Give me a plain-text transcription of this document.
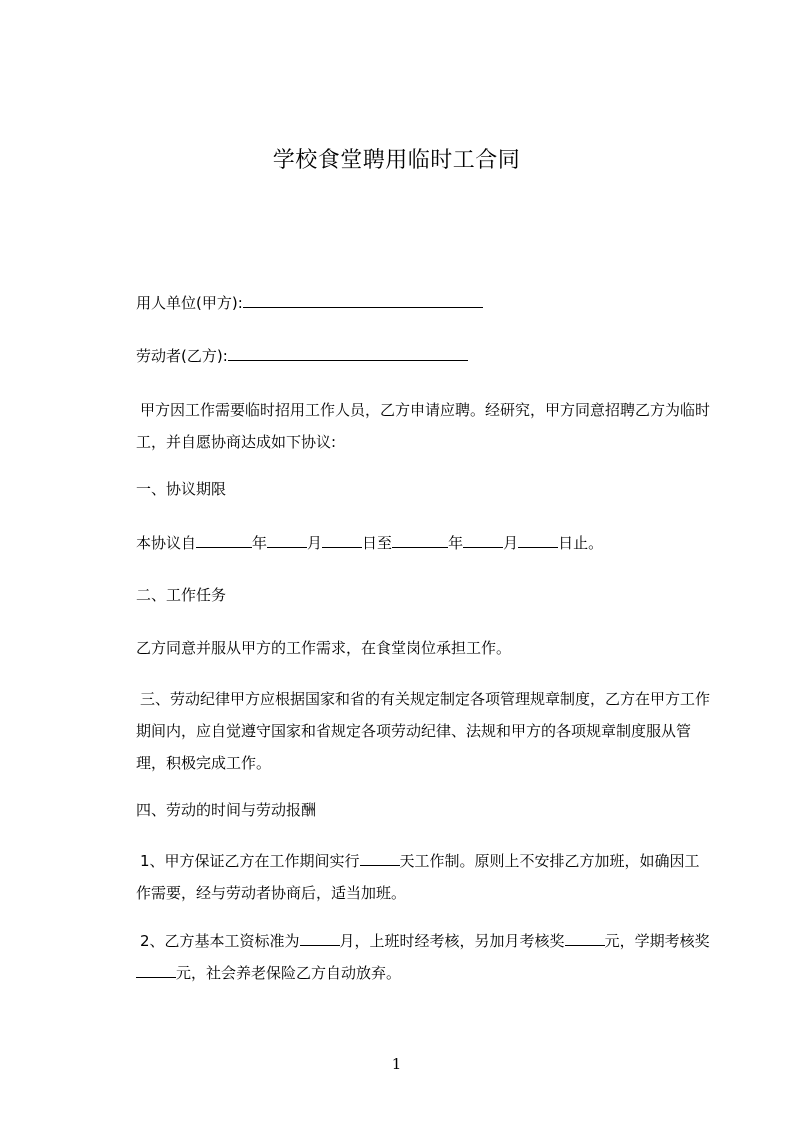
学校食堂聘用临时工合同
用人单位(甲方):
劳动者(乙方):
甲方因工作需要临时招用工作人员，乙方申请应聘。经研究，甲方同意招聘乙方为临时工，并自愿协商达成如下协议:
一、协议期限
本协议自	年	月	日至	年	月	日止。
二、工作任务
乙方同意并服从甲方的工作需求，在食堂岗位承担工作。
三、劳动纪律甲方应根据国家和省的有关规定制定各项管理规章制度，乙方在甲方工作期间内，应自觉遵守国家和省规定各项劳动纪律、法规和甲方的各项规章制度服从管理，积极完成工作。
四、劳动的时间与劳动报酬
1、甲方保证乙方在工作期间实行	天工作制。原则上不安排乙方加班，如确因工作需要，经与劳动者协商后，适当加班。
2、乙方基本工资标准为	月，上班时经考核，另加月考核奖	元，学期考核奖元，社会养老保险乙方自动放弃。
1
